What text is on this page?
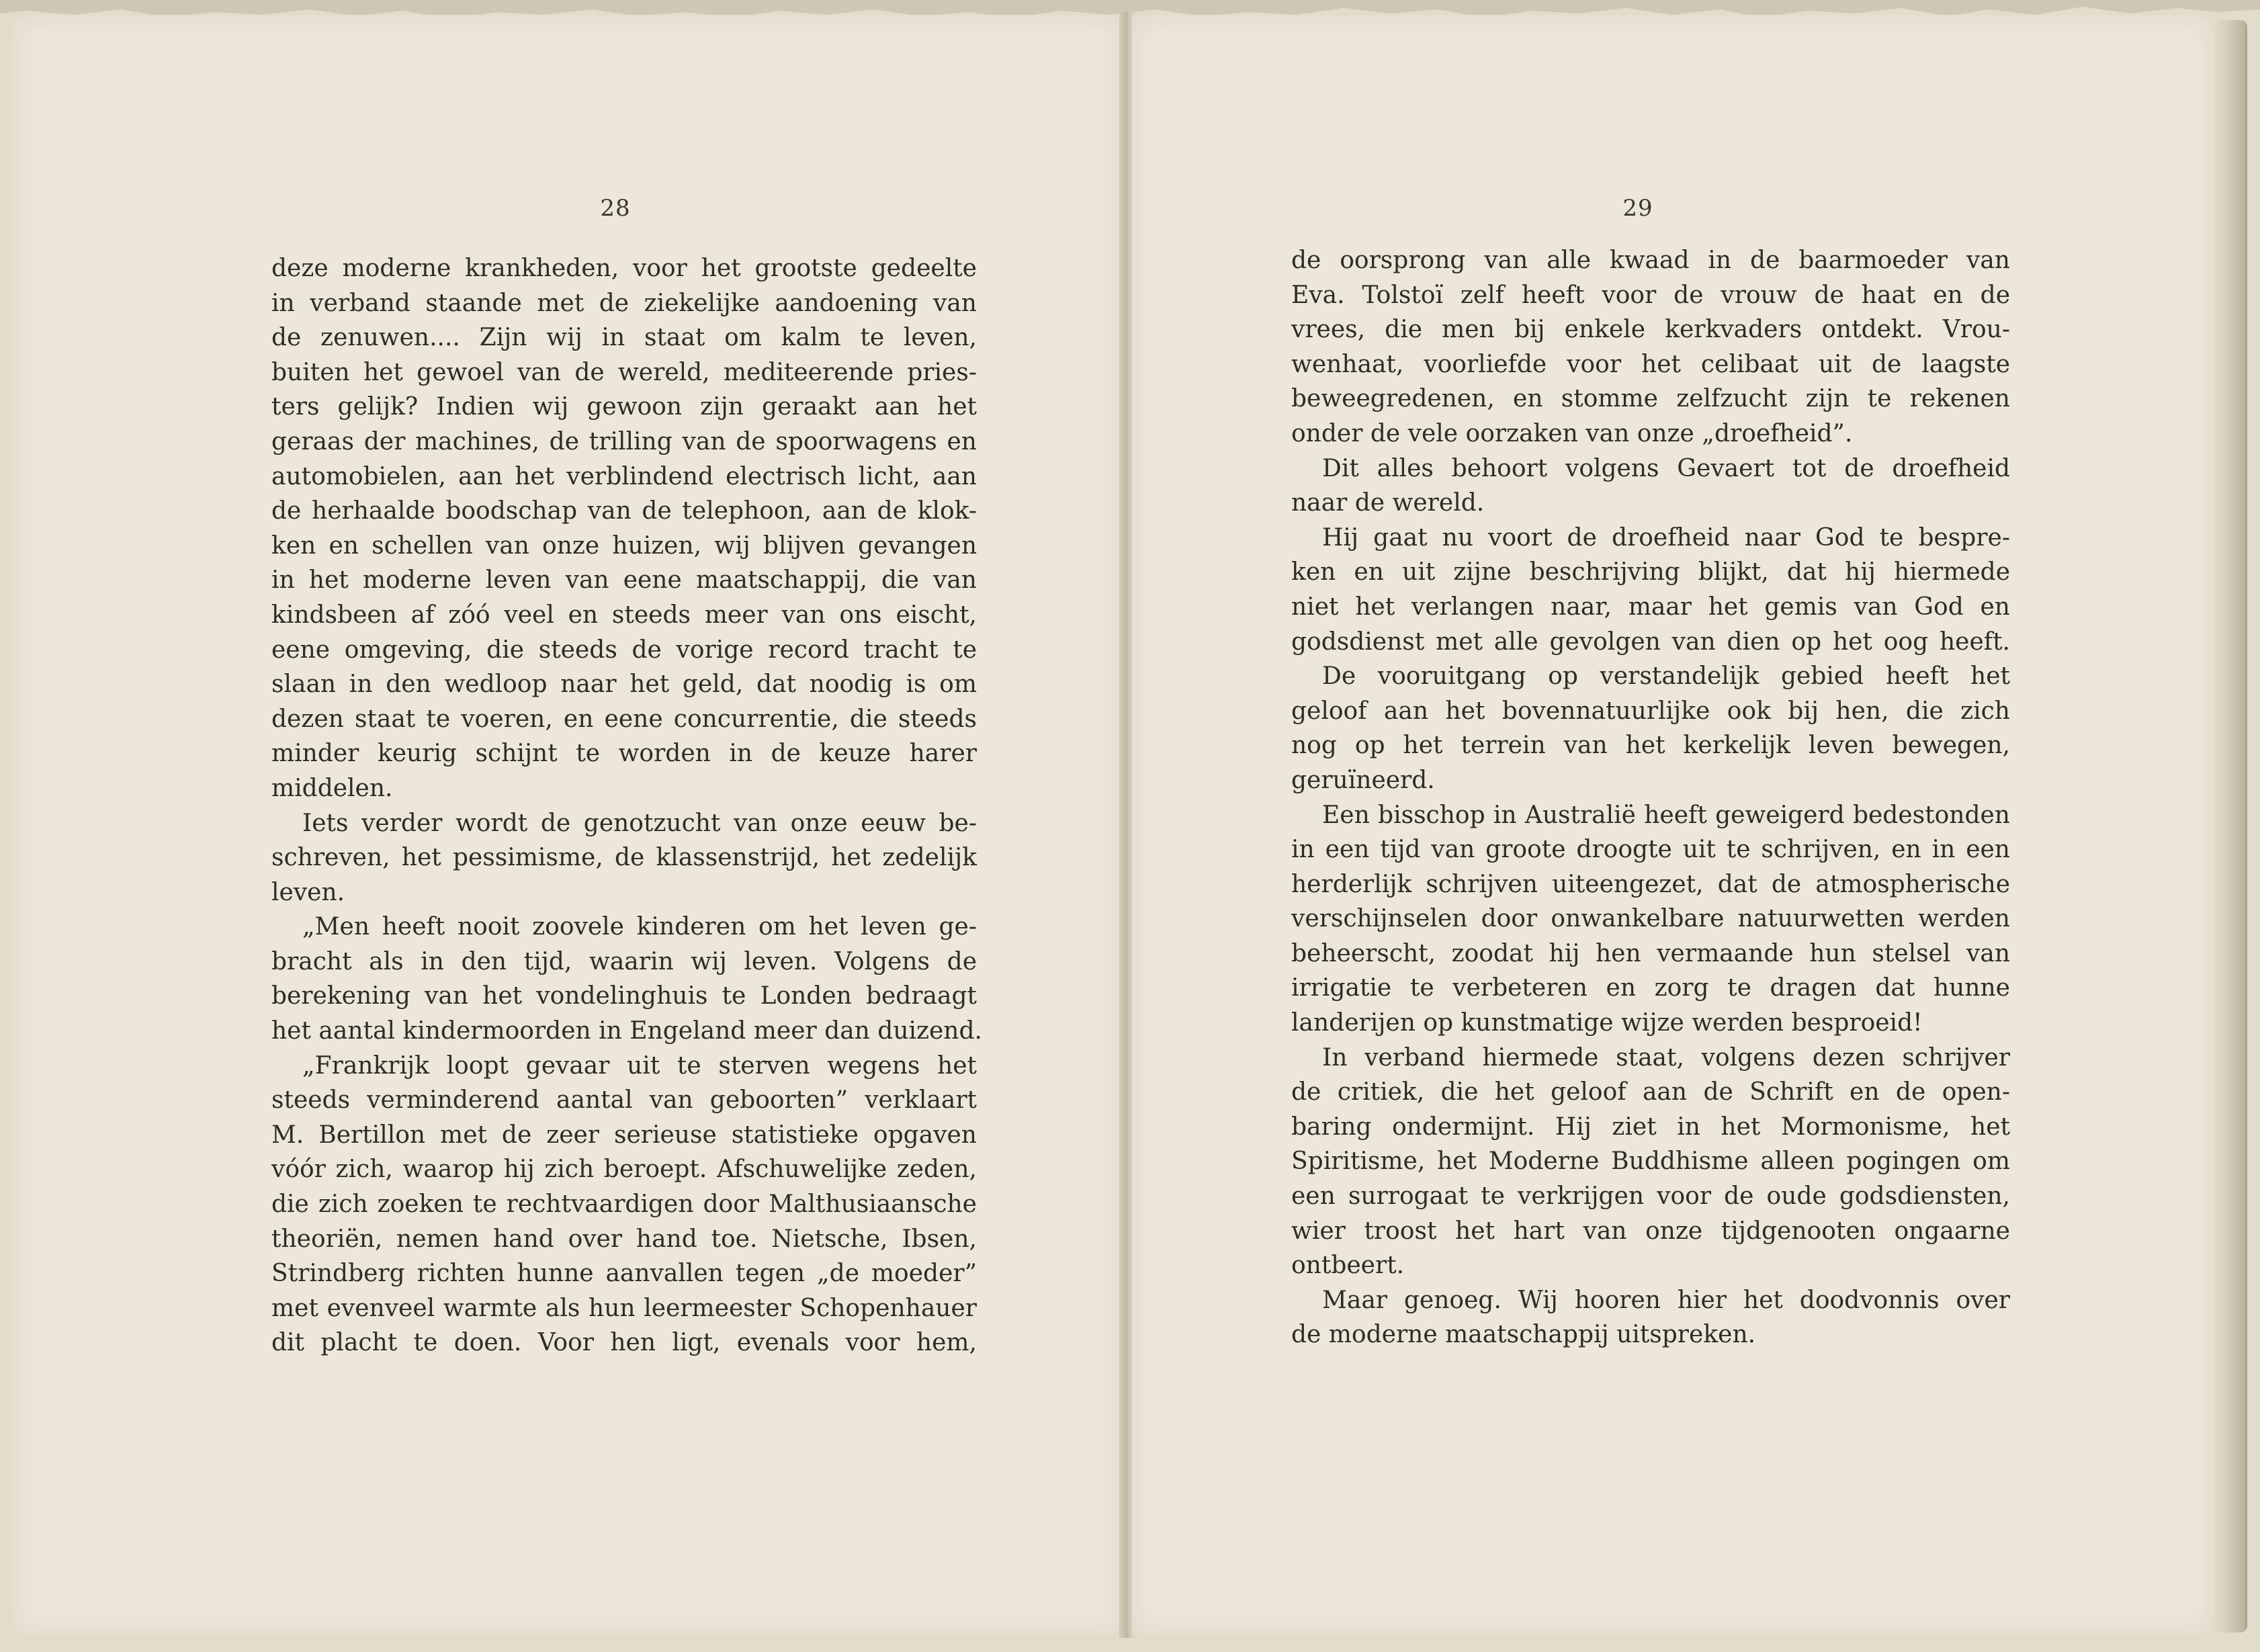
28	29
deze moderne krankheden, voor het grootste gedeelte
in verband staande met de ziekelijke aandoening van
de zenuwen.... Zijn wij in staat om kalm te leven,
buiten het gewoel van de wereld, mediteerende pries-
ters gelijk? Indien wij gewoon zijn geraakt aan het
geraas der machines, de trilling van de spoorwagens en
automobielen, aan het verblindend electrisch licht, aan
de herhaalde boodschap van de telephoon, aan de klok-
ken en schellen van onze huizen, wij blijven gevangen
in het moderne leven van eene maatschappij, die van
kindsbeen af zóó veel en steeds meer van ons eischt,
eene omgeving, die steeds de vorige record tracht te
slaan in den wedloop naar het geld, dat noodig is om
dezen staat te voeren, en eene concurrentie, die steeds
minder keurig schijnt te worden in de keuze harer
middelen.
Iets verder wordt de genotzucht van onze eeuw be-
schreven, het pessimisme, de klassenstrijd, het zedelijk
leven.
„Men heeft nooit zoovele kinderen om het leven ge-
bracht als in den tijd, waarin wij leven. Volgens de
berekening van het vondelinghuis te Londen bedraagt
het aantal kindermoorden in Engeland meer dan duizend.
„Frankrijk loopt gevaar uit te sterven wegens het
steeds verminderend aantal van geboorten” verklaart
M. Bertillon met de zeer serieuse statistieke opgaven
vóór zich, waarop hij zich beroept. Afschuwelijke zeden,
die zich zoeken te rechtvaardigen door Malthusiaansche
theoriën, nemen hand over hand toe. Nietsche, Ibsen,
Strindberg richten hunne aanvallen tegen „de moeder”
met evenveel warmte als hun leermeester Schopenhauer
dit placht te doen. Voor hen ligt, evenals voor hem,
de oorsprong van alle kwaad in de baarmoeder van
Eva. Tolstoï zelf heeft voor de vrouw de haat en de
vrees, die men bij enkele kerkvaders ontdekt. Vrou-
wenhaat, voorliefde voor het celibaat uit de laagste
beweegredenen, en stomme zelfzucht zijn te rekenen
onder de vele oorzaken van onze „droefheid”.
Dit alles behoort volgens Gevaert tot de droefheid
naar de wereld.
Hij gaat nu voort de droefheid naar God te bespre-
ken en uit zijne beschrijving blijkt, dat hij hiermede
niet het verlangen naar, maar het gemis van God en
godsdienst met alle gevolgen van dien op het oog heeft.
De vooruitgang op verstandelijk gebied heeft het
geloof aan het bovennatuurlijke ook bij hen, die zich
nog op het terrein van het kerkelijk leven bewegen,
geruïneerd.
Een bisschop in Australië heeft geweigerd bedestonden
in een tijd van groote droogte uit te schrijven, en in een
herderlijk schrijven uiteengezet, dat de atmospherische
verschijnselen door onwankelbare natuurwetten werden
beheerscht, zoodat hij hen vermaande hun stelsel van
irrigatie te verbeteren en zorg te dragen dat hunne
landerijen op kunstmatige wijze werden besproeid!
In verband hiermede staat, volgens dezen schrijver
de critiek, die het geloof aan de Schrift en de open-
baring ondermijnt. Hij ziet in het Mormonisme, het
Spiritisme, het Moderne Buddhisme alleen pogingen om
een surrogaat te verkrijgen voor de oude godsdiensten,
wier troost het hart van onze tijdgenooten ongaarne
ontbeert.
Maar genoeg. Wij hooren hier het doodvonnis over
de moderne maatschappij uitspreken.
